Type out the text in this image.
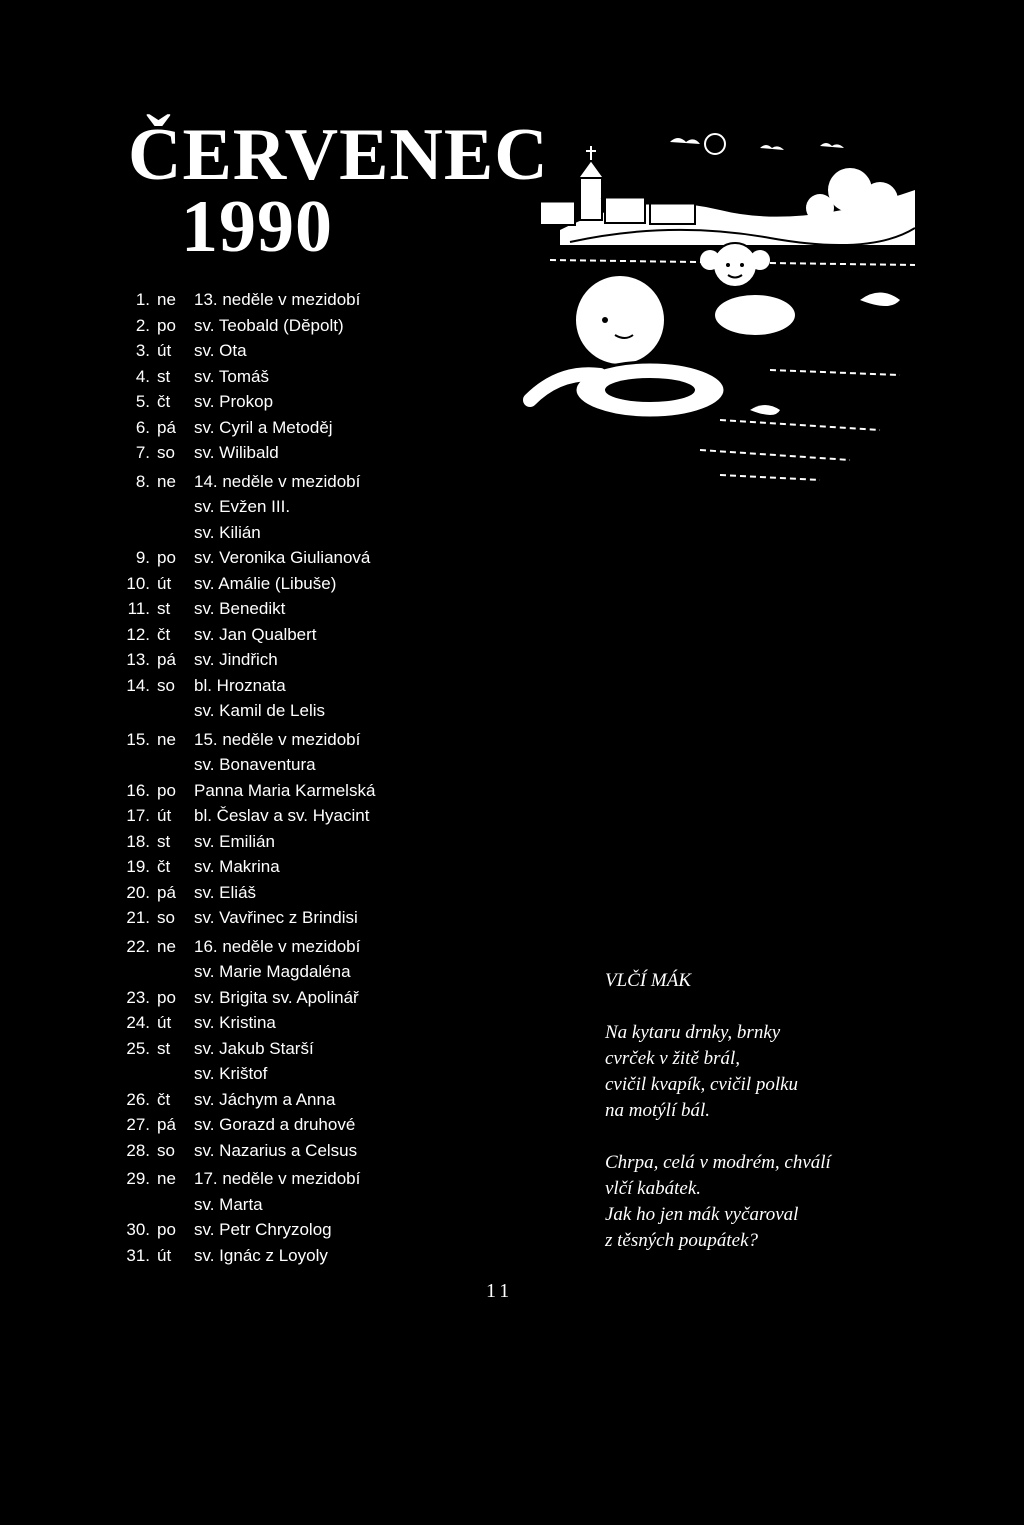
ČERVENEC
1990
1. ne 13. neděle v mezidobí
2. po sv. Teobald (Dĕpolt)
3. út sv. Ota
4. st sv. Tomáš
5. čt sv. Prokop
6. pá sv. Cyril a Metoděj
7. so sv. Wilibald
8. ne 14. neděle v mezidobí
sv. Evžen III.
sv. Kilián
9. po sv. Veronika Giulianová
10. út sv. Amálie (Libuše)
11. st sv. Benedikt
12. čt sv. Jan Qualbert
13. pá sv. Jindřich
14. so bl. Hroznata
sv. Kamil de Lelis
15. ne 15. neděle v mezidobí
sv. Bonaventura
16. po Panna Maria Karmelská
17. út bl. Česlav a sv. Hyacint
18. st sv. Emilián
19. čt sv. Makrina
20. pá sv. Eliáš
21. so sv. Vavřinec z Brindisi
22. ne 16. neděle v mezidobí
sv. Marie Magdaléna
23. po sv. Brigita sv. Apolinář
24. út sv. Kristina
25. st sv. Jakub Starší
sv. Krištof
26. čt sv. Jáchym a Anna
27. pá sv. Gorazd a druhové
28. so sv. Nazarius a Celsus
29. ne 17. neděle v mezidobí
sv. Marta
30. po sv. Petr Chryzolog
31. út sv. Ignác z Loyoly
VLČÍ MÁK
Na kytaru drnky, brnky
cvrček v žitě brál,
cvičil kvapík, cvičil polku
na motýlí bál.
Chrpa, celá v modrém, chválí
vlčí kabátek.
Jak ho jen mák vyčaroval
z těsných poupátek?
11
